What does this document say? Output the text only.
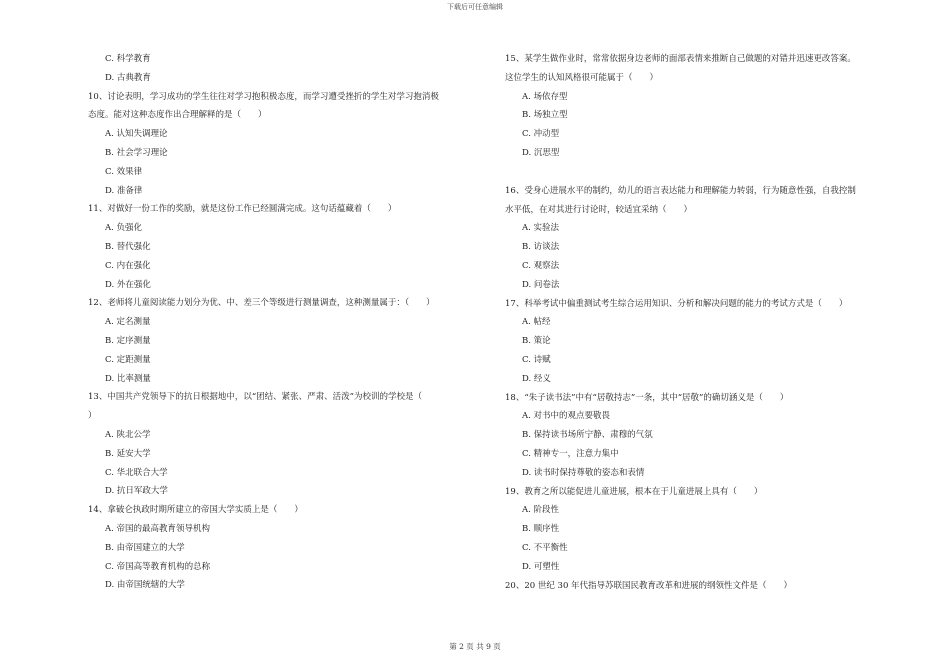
下载后可任意编辑
C. 科学教育
D. 古典教育
10、讨论表明，学习成功的学生往往对学习抱积极态度，而学习遭受挫折的学生对学习抱消极
态度。能对这种态度作出合理解释的是（　　）
A. 认知失调理论
B. 社会学习理论
C. 效果律
D. 准备律
11、对做好一份工作的奖励，就是这份工作已经圆满完成。这句话蕴藏着（　　）
A. 负强化
B. 替代强化
C. 内在强化
D. 外在强化
12、老师将儿童阅读能力划分为优、中、差三个等级进行测量调查，这种测量属于：（　　）
A. 定名测量
B. 定序测量
C. 定距测量
D. 比率测量
13、中国共产党领导下的抗日根据地中，以“团结、紧张、严肃、活泼”为校训的学校是（
）
A. 陕北公学
B. 延安大学
C. 华北联合大学
D. 抗日军政大学
14、拿破仑执政时期所建立的帝国大学实质上是（　　）
A. 帝国的最高教育领导机构
B. 由帝国建立的大学
C. 帝国高等教育机构的总称
D. 由帝国统辖的大学
15、某学生做作业时，常常依据身边老师的面部表情来推断自己做题的对错并迅速更改答案。
这位学生的认知风格很可能属于（　　）
A. 场依存型
B. 场独立型
C. 冲动型
D. 沉思型
16、受身心进展水平的制约，幼儿的语言表达能力和理解能力转弱，行为随意性强，自我控制
水平低，在对其进行讨论时，较适宜采纳（　　）
A. 实验法
B. 访谈法
C. 观察法
D. 问卷法
17、科举考试中偏重测试考生综合运用知识、分析和解决问题的能力的考试方式是（　　）
A. 帖经
B. 策论
C. 诗赋
D. 经义
18、“朱子读书法”中有“居敬持志”一条，其中“居敬”的确切涵义是（　　）
A. 对书中的观点要敬畏
B. 保持读书场所宁静、肃穆的气氛
C. 精神专一，注意力集中
D. 读书时保持尊敬的姿态和表情
19、教育之所以能促进儿童进展，根本在于儿童进展上具有（　　）
A. 阶段性
B. 顺序性
C. 不平衡性
D. 可塑性
20、20 世纪 30 年代指导苏联国民教育改革和进展的纲领性文件是（　　）
第 2 页 共 9 页
